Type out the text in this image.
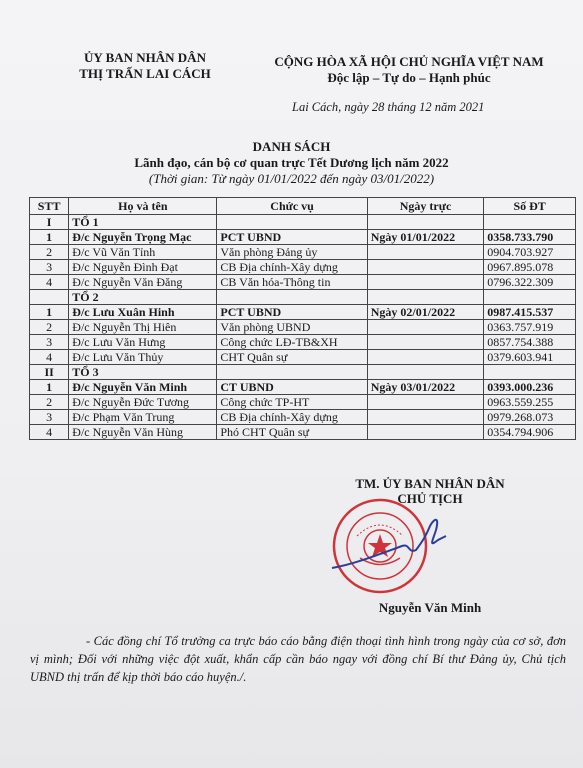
ỦY BAN NHÂN DÂN
THỊ TRẤN LAI CÁCH
CỘNG HÒA XÃ HỘI CHỦ NGHĨA VIỆT NAM
Độc lập – Tự do – Hạnh phúc
Lai Cách, ngày 28 tháng 12 năm 2021
DANH SÁCH
Lãnh đạo, cán bộ cơ quan trực Tết Dương lịch năm 2022
(Thời gian: Từ ngày 01/01/2022 đến ngày 03/01/2022)
STT	Họ và tên	Chức vụ	Ngày trực	Số ĐT
I	TỔ 1			
1	Đ/c Nguyễn Trọng Mạc	PCT UBND	Ngày 01/01/2022	0358.733.790
2	Đ/c Vũ Văn Tỉnh	Văn phòng Đảng ủy		0904.703.927
3	Đ/c Nguyễn Đình Đạt	CB Địa chính-Xây dựng		0967.895.078
4	Đ/c Nguyễn Văn Đăng	CB Văn hóa-Thông tin		0796.322.309
	TỔ 2			
1	Đ/c Lưu Xuân Hinh	PCT UBND	Ngày 02/01/2022	0987.415.537
2	Đ/c Nguyễn Thị Hiên	Văn phòng UBND		0363.757.919
3	Đ/c Lưu Văn Hưng	Công chức LĐ-TB&XH		0857.754.388
4	Đ/c Lưu Văn Thủy	CHT Quân sự		0379.603.941
II	TỔ 3			
1	Đ/c Nguyễn Văn Minh	CT UBND	Ngày 03/01/2022	0393.000.236
2	Đ/c Nguyễn Đức Tương	Công chức TP-HT		0963.559.255
3	Đ/c Phạm Văn Trung	CB Địa chính-Xây dựng		0979.268.073
4	Đ/c Nguyễn Văn Hùng	Phó CHT Quân sự		0354.794.906
TM. ỦY BAN NHÂN DÂN
CHỦ TỊCH
Nguyễn Văn Minh
- Các đồng chí Tổ trưởng ca trực báo cáo bằng điện thoại tình hình trong ngày của cơ sở, đơn vị mình; Đối với những việc đột xuất, khẩn cấp cần báo ngay với đồng chí Bí thư Đảng ủy, Chủ tịch UBND thị trấn để kịp thời báo cáo huyện./.
